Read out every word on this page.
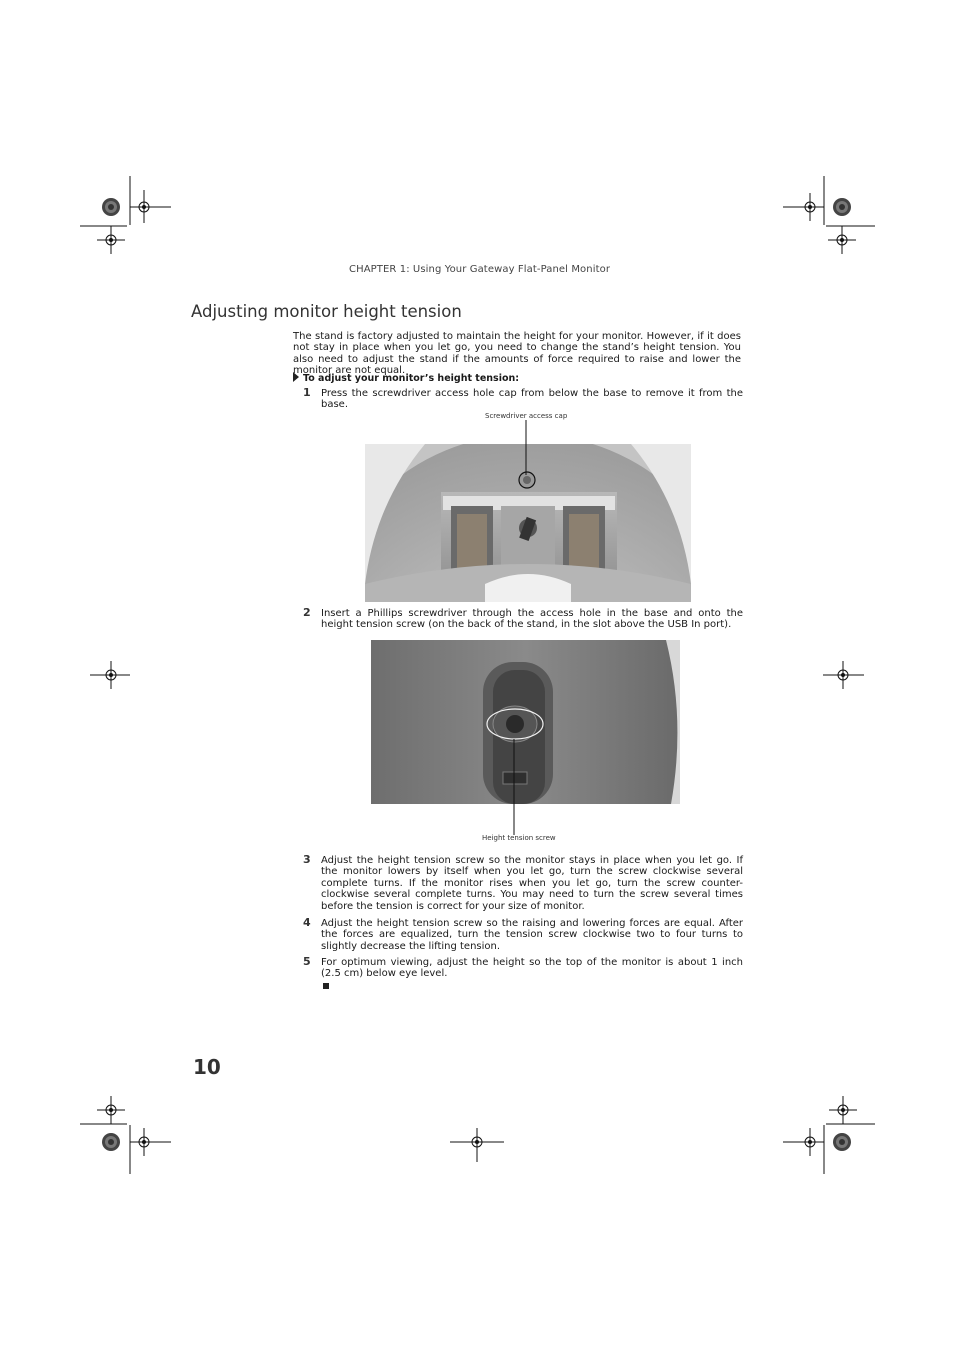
CHAPTER 1: Using Your Gateway Flat-Panel Monitor
Adjusting monitor height tension
The stand is factory adjusted to maintain the height for your monitor. However, if it does not stay in place when you let go, you need to change the stand’s height tension. You also need to adjust the stand if the amounts of force required to raise and lower the monitor are not equal.
To adjust your monitor’s height tension:
1 Press the screwdriver access hole cap from below the base to remove it from the base.
Screwdriver access cap
2 Insert a Phillips screwdriver through the access hole in the base and onto the height tension screw (on the back of the stand, in the slot above the USB In port).
Height tension screw
3 Adjust the height tension screw so the monitor stays in place when you let go. If the monitor lowers by itself when you let go, turn the screw clockwise several complete turns. If the monitor rises when you let go, turn the screw counter-clockwise several complete turns. You may need to turn the screw several times before the tension is correct for your size of monitor.
4 Adjust the height tension screw so the raising and lowering forces are equal. After the forces are equalized, turn the tension screw clockwise two to four turns to slightly decrease the lifting tension.
5 For optimum viewing, adjust the height so the top of the monitor is about 1 inch (2.5 cm) below eye level.
10
